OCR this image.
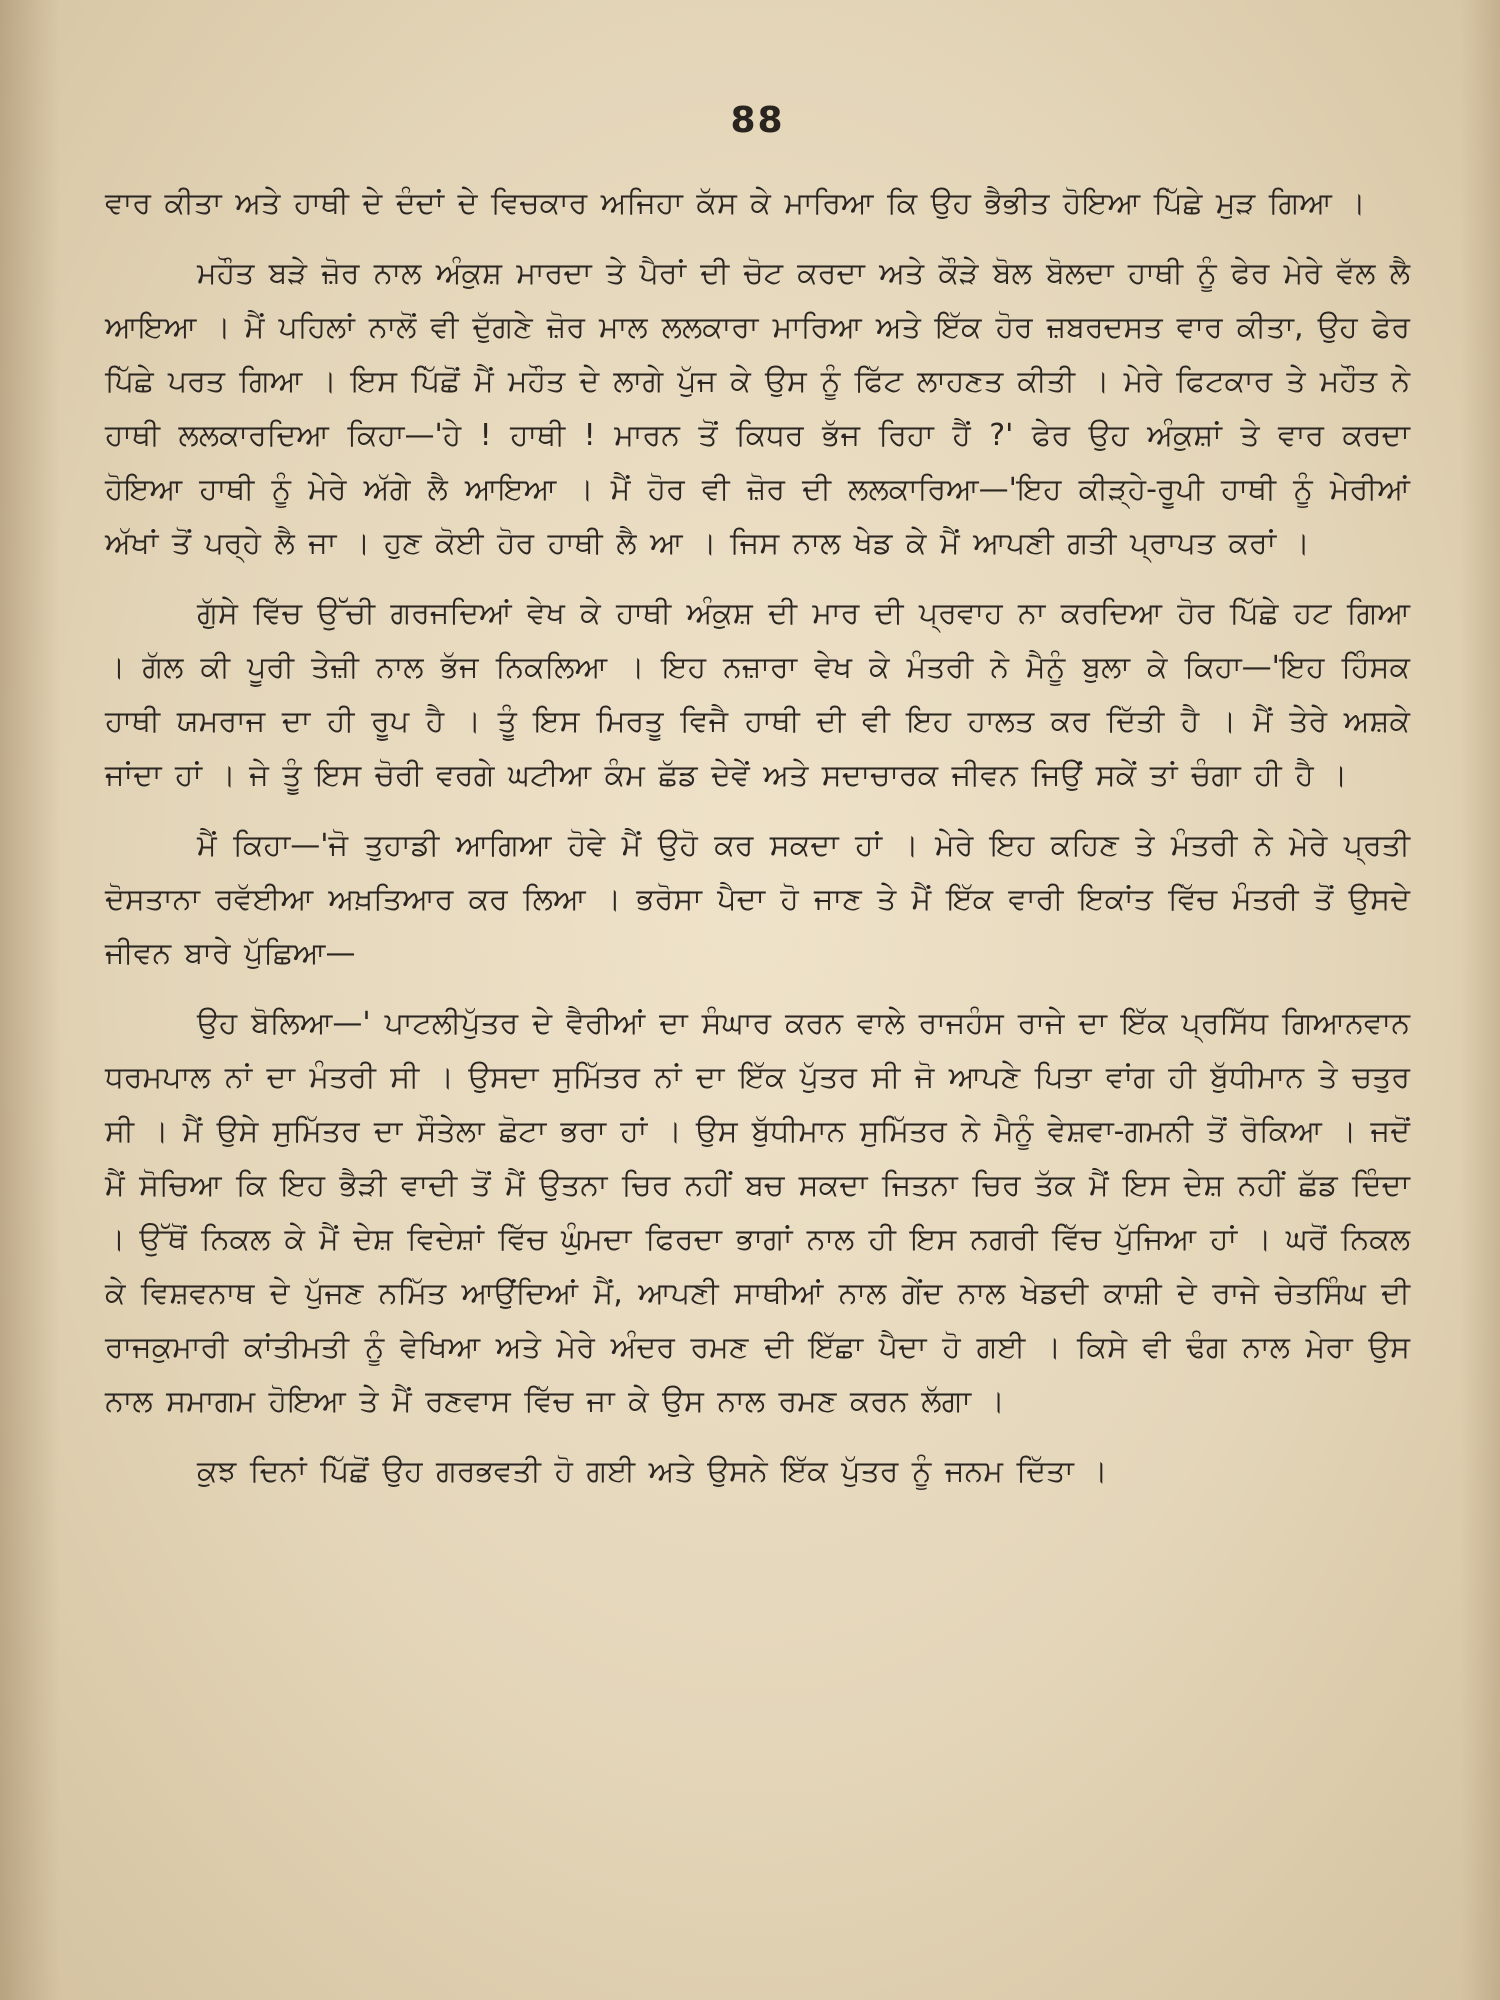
88

ਵਾਰ ਕੀਤਾ ਅਤੇ ਹਾਥੀ ਦੇ ਦੰਦਾਂ ਦੇ ਵਿਚਕਾਰ ਅਜਿਹਾ ਕੱਸ ਕੇ ਮਾਰਿਆ ਕਿ ਉਹ ਭੈਭੀਤ ਹੋਇਆ ਪਿੱਛੇ ਮੁੜ ਗਿਆ ।

ਮਹੌਤ ਬੜੇ ਜ਼ੋਰ ਨਾਲ ਅੰਕੁਸ਼ ਮਾਰਦਾ ਤੇ ਪੈਰਾਂ ਦੀ ਚੋਟ ਕਰਦਾ ਅਤੇ ਕੌੜੇ ਬੋਲ ਬੋਲਦਾ ਹਾਥੀ ਨੂੰ ਫੇਰ ਮੇਰੇ ਵੱਲ ਲੈ ਆਇਆ । ਮੈਂ ਪਹਿਲਾਂ ਨਾਲੋਂ ਵੀ ਦੁੱਗਣੇ ਜ਼ੋਰ ਮਾਲ ਲਲਕਾਰਾ ਮਾਰਿਆ ਅਤੇ ਇੱਕ ਹੋਰ ਜ਼ਬਰਦਸਤ ਵਾਰ ਕੀਤਾ, ਉਹ ਫੇਰ ਪਿੱਛੇ ਪਰਤ ਗਿਆ । ਇਸ ਪਿੱਛੋਂ ਮੈਂ ਮਹੌਤ ਦੇ ਲਾਗੇ ਪੁੱਜ ਕੇ ਉਸ ਨੂੰ ਫਿੱਟ ਲਾਹਣਤ ਕੀਤੀ । ਮੇਰੇ ਫਿਟਕਾਰ ਤੇ ਮਹੌਤ ਨੇ ਹਾਥੀ ਲਲਕਾਰਦਿਆ ਕਿਹਾ—'ਹੇ ! ਹਾਥੀ ! ਮਾਰਨ ਤੋਂ ਕਿਧਰ ਭੱਜ ਰਿਹਾ ਹੈਂ ?' ਫੇਰ ਉਹ ਅੰਕੁਸ਼ਾਂ ਤੇ ਵਾਰ ਕਰਦਾ ਹੋਇਆ ਹਾਥੀ ਨੂੰ ਮੇਰੇ ਅੱਗੇ ਲੈ ਆਇਆ । ਮੈਂ ਹੋਰ ਵੀ ਜ਼ੋਰ ਦੀ ਲਲਕਾਰਿਆ—'ਇਹ ਕੀੜ੍ਹੇ-ਰੂਪੀ ਹਾਥੀ ਨੂੰ ਮੇਰੀਆਂ ਅੱਖਾਂ ਤੋਂ ਪਰ੍ਹੇ ਲੈ ਜਾ । ਹੁਣ ਕੋਈ ਹੋਰ ਹਾਥੀ ਲੈ ਆ । ਜਿਸ ਨਾਲ ਖੇਡ ਕੇ ਮੈਂ ਆਪਣੀ ਗਤੀ ਪ੍ਰਾਪਤ ਕਰਾਂ ।

ਗੁੱਸੇ ਵਿੱਚ ਉੱਚੀ ਗਰਜਦਿਆਂ ਵੇਖ ਕੇ ਹਾਥੀ ਅੰਕੁਸ਼ ਦੀ ਮਾਰ ਦੀ ਪ੍ਰਵਾਹ ਨਾ ਕਰਦਿਆ ਹੋਰ ਪਿੱਛੇ ਹਟ ਗਿਆ । ਗੱਲ ਕੀ ਪੂਰੀ ਤੇਜ਼ੀ ਨਾਲ ਭੱਜ ਨਿਕਲਿਆ । ਇਹ ਨਜ਼ਾਰਾ ਵੇਖ ਕੇ ਮੰਤਰੀ ਨੇ ਮੈਨੂੰ ਬੁਲਾ ਕੇ ਕਿਹਾ—'ਇਹ ਹਿੰਸਕ ਹਾਥੀ ਯਮਰਾਜ ਦਾ ਹੀ ਰੂਪ ਹੈ । ਤੂੰ ਇਸ ਮਿਰਤੂ ਵਿਜੈ ਹਾਥੀ ਦੀ ਵੀ ਇਹ ਹਾਲਤ ਕਰ ਦਿੱਤੀ ਹੈ । ਮੈਂ ਤੇਰੇ ਅਸ਼ਕੇ ਜਾਂਦਾ ਹਾਂ । ਜੇ ਤੂੰ ਇਸ ਚੋਰੀ ਵਰਗੇ ਘਟੀਆ ਕੰਮ ਛੱਡ ਦੇਵੇਂ ਅਤੇ ਸਦਾਚਾਰਕ ਜੀਵਨ ਜਿਉਂ ਸਕੇਂ ਤਾਂ ਚੰਗਾ ਹੀ ਹੈ ।

ਮੈਂ ਕਿਹਾ—'ਜੋ ਤੁਹਾਡੀ ਆਗਿਆ ਹੋਵੇ ਮੈਂ ਉਹੋ ਕਰ ਸਕਦਾ ਹਾਂ । ਮੇਰੇ ਇਹ ਕਹਿਣ ਤੇ ਮੰਤਰੀ ਨੇ ਮੇਰੇ ਪ੍ਰਤੀ ਦੋਸਤਾਨਾ ਰਵੱਈਆ ਅਖ਼ਤਿਆਰ ਕਰ ਲਿਆ । ਭਰੋਸਾ ਪੈਦਾ ਹੋ ਜਾਣ ਤੇ ਮੈਂ ਇੱਕ ਵਾਰੀ ਇਕਾਂਤ ਵਿੱਚ ਮੰਤਰੀ ਤੋਂ ਉਸਦੇ ਜੀਵਨ ਬਾਰੇ ਪੁੱਛਿਆ—

ਉਹ ਬੋਲਿਆ—' ਪਾਟਲੀਪੁੱਤਰ ਦੇ ਵੈਰੀਆਂ ਦਾ ਸੰਘਾਰ ਕਰਨ ਵਾਲੇ ਰਾਜਹੰਸ ਰਾਜੇ ਦਾ ਇੱਕ ਪ੍ਰਸਿੱਧ ਗਿਆਨਵਾਨ ਧਰਮਪਾਲ ਨਾਂ ਦਾ ਮੰਤਰੀ ਸੀ । ਉਸਦਾ ਸੁਮਿੱਤਰ ਨਾਂ ਦਾ ਇੱਕ ਪੁੱਤਰ ਸੀ ਜੋ ਆਪਣੇ ਪਿਤਾ ਵਾਂਗ ਹੀ ਬੁੱਧੀਮਾਨ ਤੇ ਚਤੁਰ ਸੀ । ਮੈਂ ਉਸੇ ਸੁਮਿੱਤਰ ਦਾ ਸੌਤੇਲਾ ਛੋਟਾ ਭਰਾ ਹਾਂ । ਉਸ ਬੁੱਧੀਮਾਨ ਸੁਮਿੱਤਰ ਨੇ ਮੈਨੂੰ ਵੇਸ਼ਵਾ-ਗਮਨੀ ਤੋਂ ਰੋਕਿਆ । ਜਦੋਂ ਮੈਂ ਸੋਚਿਆ ਕਿ ਇਹ ਭੈੜੀ ਵਾਦੀ ਤੋਂ ਮੈਂ ਉਤਨਾ ਚਿਰ ਨਹੀਂ ਬਚ ਸਕਦਾ ਜਿਤਨਾ ਚਿਰ ਤੱਕ ਮੈਂ ਇਸ ਦੇਸ਼ ਨਹੀਂ ਛੱਡ ਦਿੰਦਾ । ਉੱਥੋਂ ਨਿਕਲ ਕੇ ਮੈਂ ਦੇਸ਼ ਵਿਦੇਸ਼ਾਂ ਵਿੱਚ ਘੁੰਮਦਾ ਫਿਰਦਾ ਭਾਗਾਂ ਨਾਲ ਹੀ ਇਸ ਨਗਰੀ ਵਿੱਚ ਪੁੱਜਿਆ ਹਾਂ । ਘਰੋਂ ਨਿਕਲ ਕੇ ਵਿਸ਼ਵਨਾਥ ਦੇ ਪੁੱਜਣ ਨਮਿੱਤ ਆਉਂਦਿਆਂ ਮੈਂ, ਆਪਣੀ ਸਾਥੀਆਂ ਨਾਲ ਗੇਂਦ ਨਾਲ ਖੇਡਦੀ ਕਾਸ਼ੀ ਦੇ ਰਾਜੇ ਚੇਤਸਿੰਘ ਦੀ ਰਾਜਕੁਮਾਰੀ ਕਾਂਤੀਮਤੀ ਨੂੰ ਵੇਖਿਆ ਅਤੇ ਮੇਰੇ ਅੰਦਰ ਰਮਣ ਦੀ ਇੱਛਾ ਪੈਦਾ ਹੋ ਗਈ । ਕਿਸੇ ਵੀ ਢੰਗ ਨਾਲ ਮੇਰਾ ਉਸ ਨਾਲ ਸਮਾਗਮ ਹੋਇਆ ਤੇ ਮੈਂ ਰਣਵਾਸ ਵਿੱਚ ਜਾ ਕੇ ਉਸ ਨਾਲ ਰਮਣ ਕਰਨ ਲੱਗਾ ।

ਕੁਝ ਦਿਨਾਂ ਪਿੱਛੋਂ ਉਹ ਗਰਭਵਤੀ ਹੋ ਗਈ ਅਤੇ ਉਸਨੇ ਇੱਕ ਪੁੱਤਰ ਨੂੰ ਜਨਮ ਦਿੱਤਾ ।
